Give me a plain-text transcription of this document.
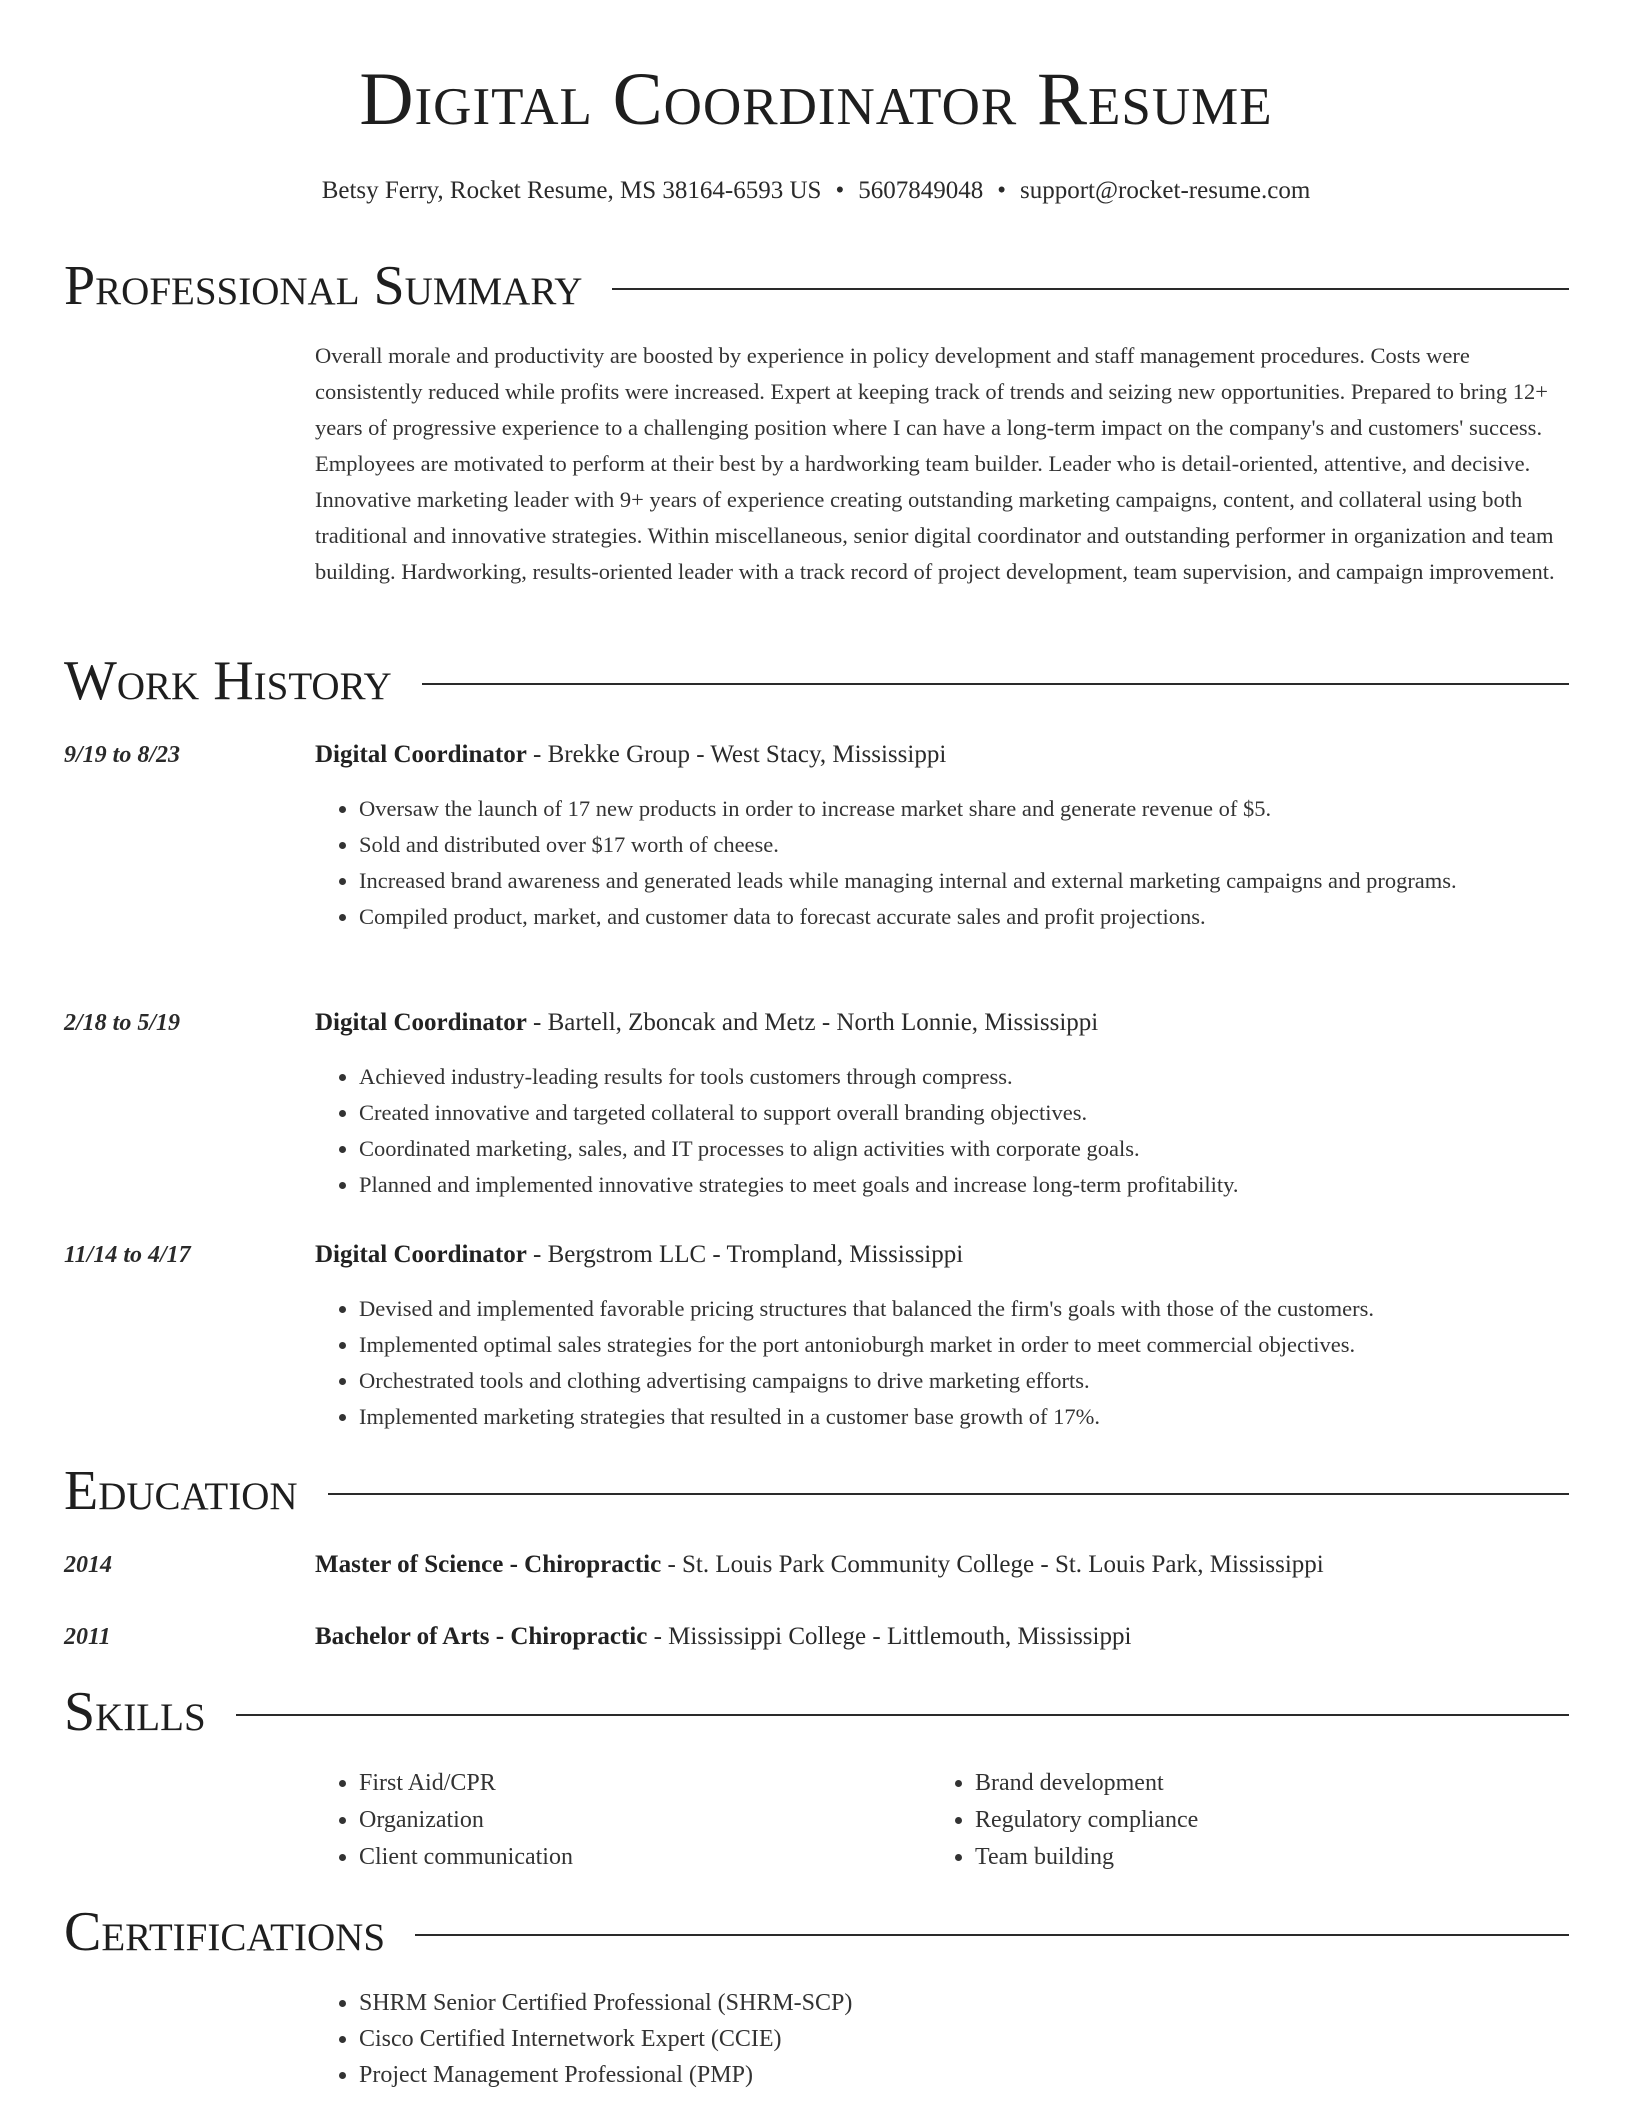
Digital Coordinator Resume
Betsy Ferry, Rocket Resume, MS 38164-6593 US • 5607849048 • support@rocket-resume.com
Professional Summary

Overall morale and productivity are boosted by experience in policy development and staff management procedures. Costs were consistently reduced while profits were increased. Expert at keeping track of trends and seizing new opportunities. Prepared to bring 12+ years of progressive experience to a challenging position where I can have a long-term impact on the company's and customers' success. Employees are motivated to perform at their best by a hardworking team builder. Leader who is detail-oriented, attentive, and decisive. Innovative marketing leader with 9+ years of experience creating outstanding marketing campaigns, content, and collateral using both traditional and innovative strategies. Within miscellaneous, senior digital coordinator and outstanding performer in organization and team building. Hardworking, results-oriented leader with a track record of project development, team supervision, and campaign improvement.

Work History
9/19 to 8/23	Digital Coordinator - Brekke Group - West Stacy, Mississippi
• Oversaw the launch of 17 new products in order to increase market share and generate revenue of $5.
• Sold and distributed over $17 worth of cheese.
• Increased brand awareness and generated leads while managing internal and external marketing campaigns and programs.
• Compiled product, market, and customer data to forecast accurate sales and profit projections.
2/18 to 5/19	Digital Coordinator - Bartell, Zboncak and Metz - North Lonnie, Mississippi
• Achieved industry-leading results for tools customers through compress.
• Created innovative and targeted collateral to support overall branding objectives.
• Coordinated marketing, sales, and IT processes to align activities with corporate goals.
• Planned and implemented innovative strategies to meet goals and increase long-term profitability.
11/14 to 4/17	Digital Coordinator - Bergstrom LLC - Trompland, Mississippi
• Devised and implemented favorable pricing structures that balanced the firm's goals with those of the customers.
• Implemented optimal sales strategies for the port antonioburgh market in order to meet commercial objectives.
• Orchestrated tools and clothing advertising campaigns to drive marketing efforts.
• Implemented marketing strategies that resulted in a customer base growth of 17%.
Education
2014	Master of Science - Chiropractic - St. Louis Park Community College - St. Louis Park, Mississippi
2011	Bachelor of Arts - Chiropractic - Mississippi College - Littlemouth, Mississippi
Skills
• First Aid/CPR
• Organization
• Client communication
• Brand development
• Regulatory compliance
• Team building
Certifications
• SHRM Senior Certified Professional (SHRM-SCP)
• Cisco Certified Internetwork Expert (CCIE)
• Project Management Professional (PMP)
